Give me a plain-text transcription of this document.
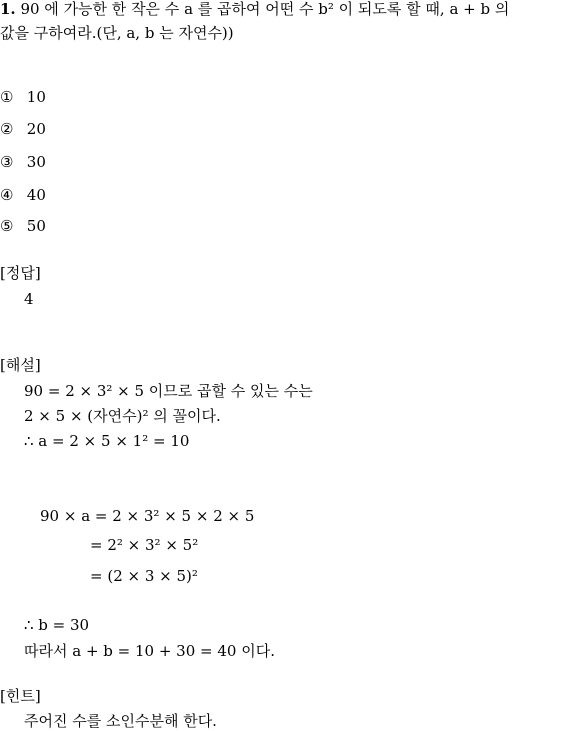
1. 90 에 가능한 한 작은 수 a 를 곱하여 어떤 수 b² 이 되도록 할 때, a + b 의
값을 구하여라.(단, a, b 는 자연수))
① 10
② 20
③ 30
④ 40
⑤ 50
[정답]
4
[해설]
90 = 2 × 3² × 5 이므로 곱할 수 있는 수는
2 × 5 × (자연수)² 의 꼴이다.
∴ a = 2 × 5 × 1² = 10
90 × a = 2 × 3² × 5 × 2 × 5
= 2² × 3² × 5²
= (2 × 3 × 5)²
∴ b = 30
따라서 a + b = 10 + 30 = 40 이다.
[힌트]
주어진 수를 소인수분해 한다.
